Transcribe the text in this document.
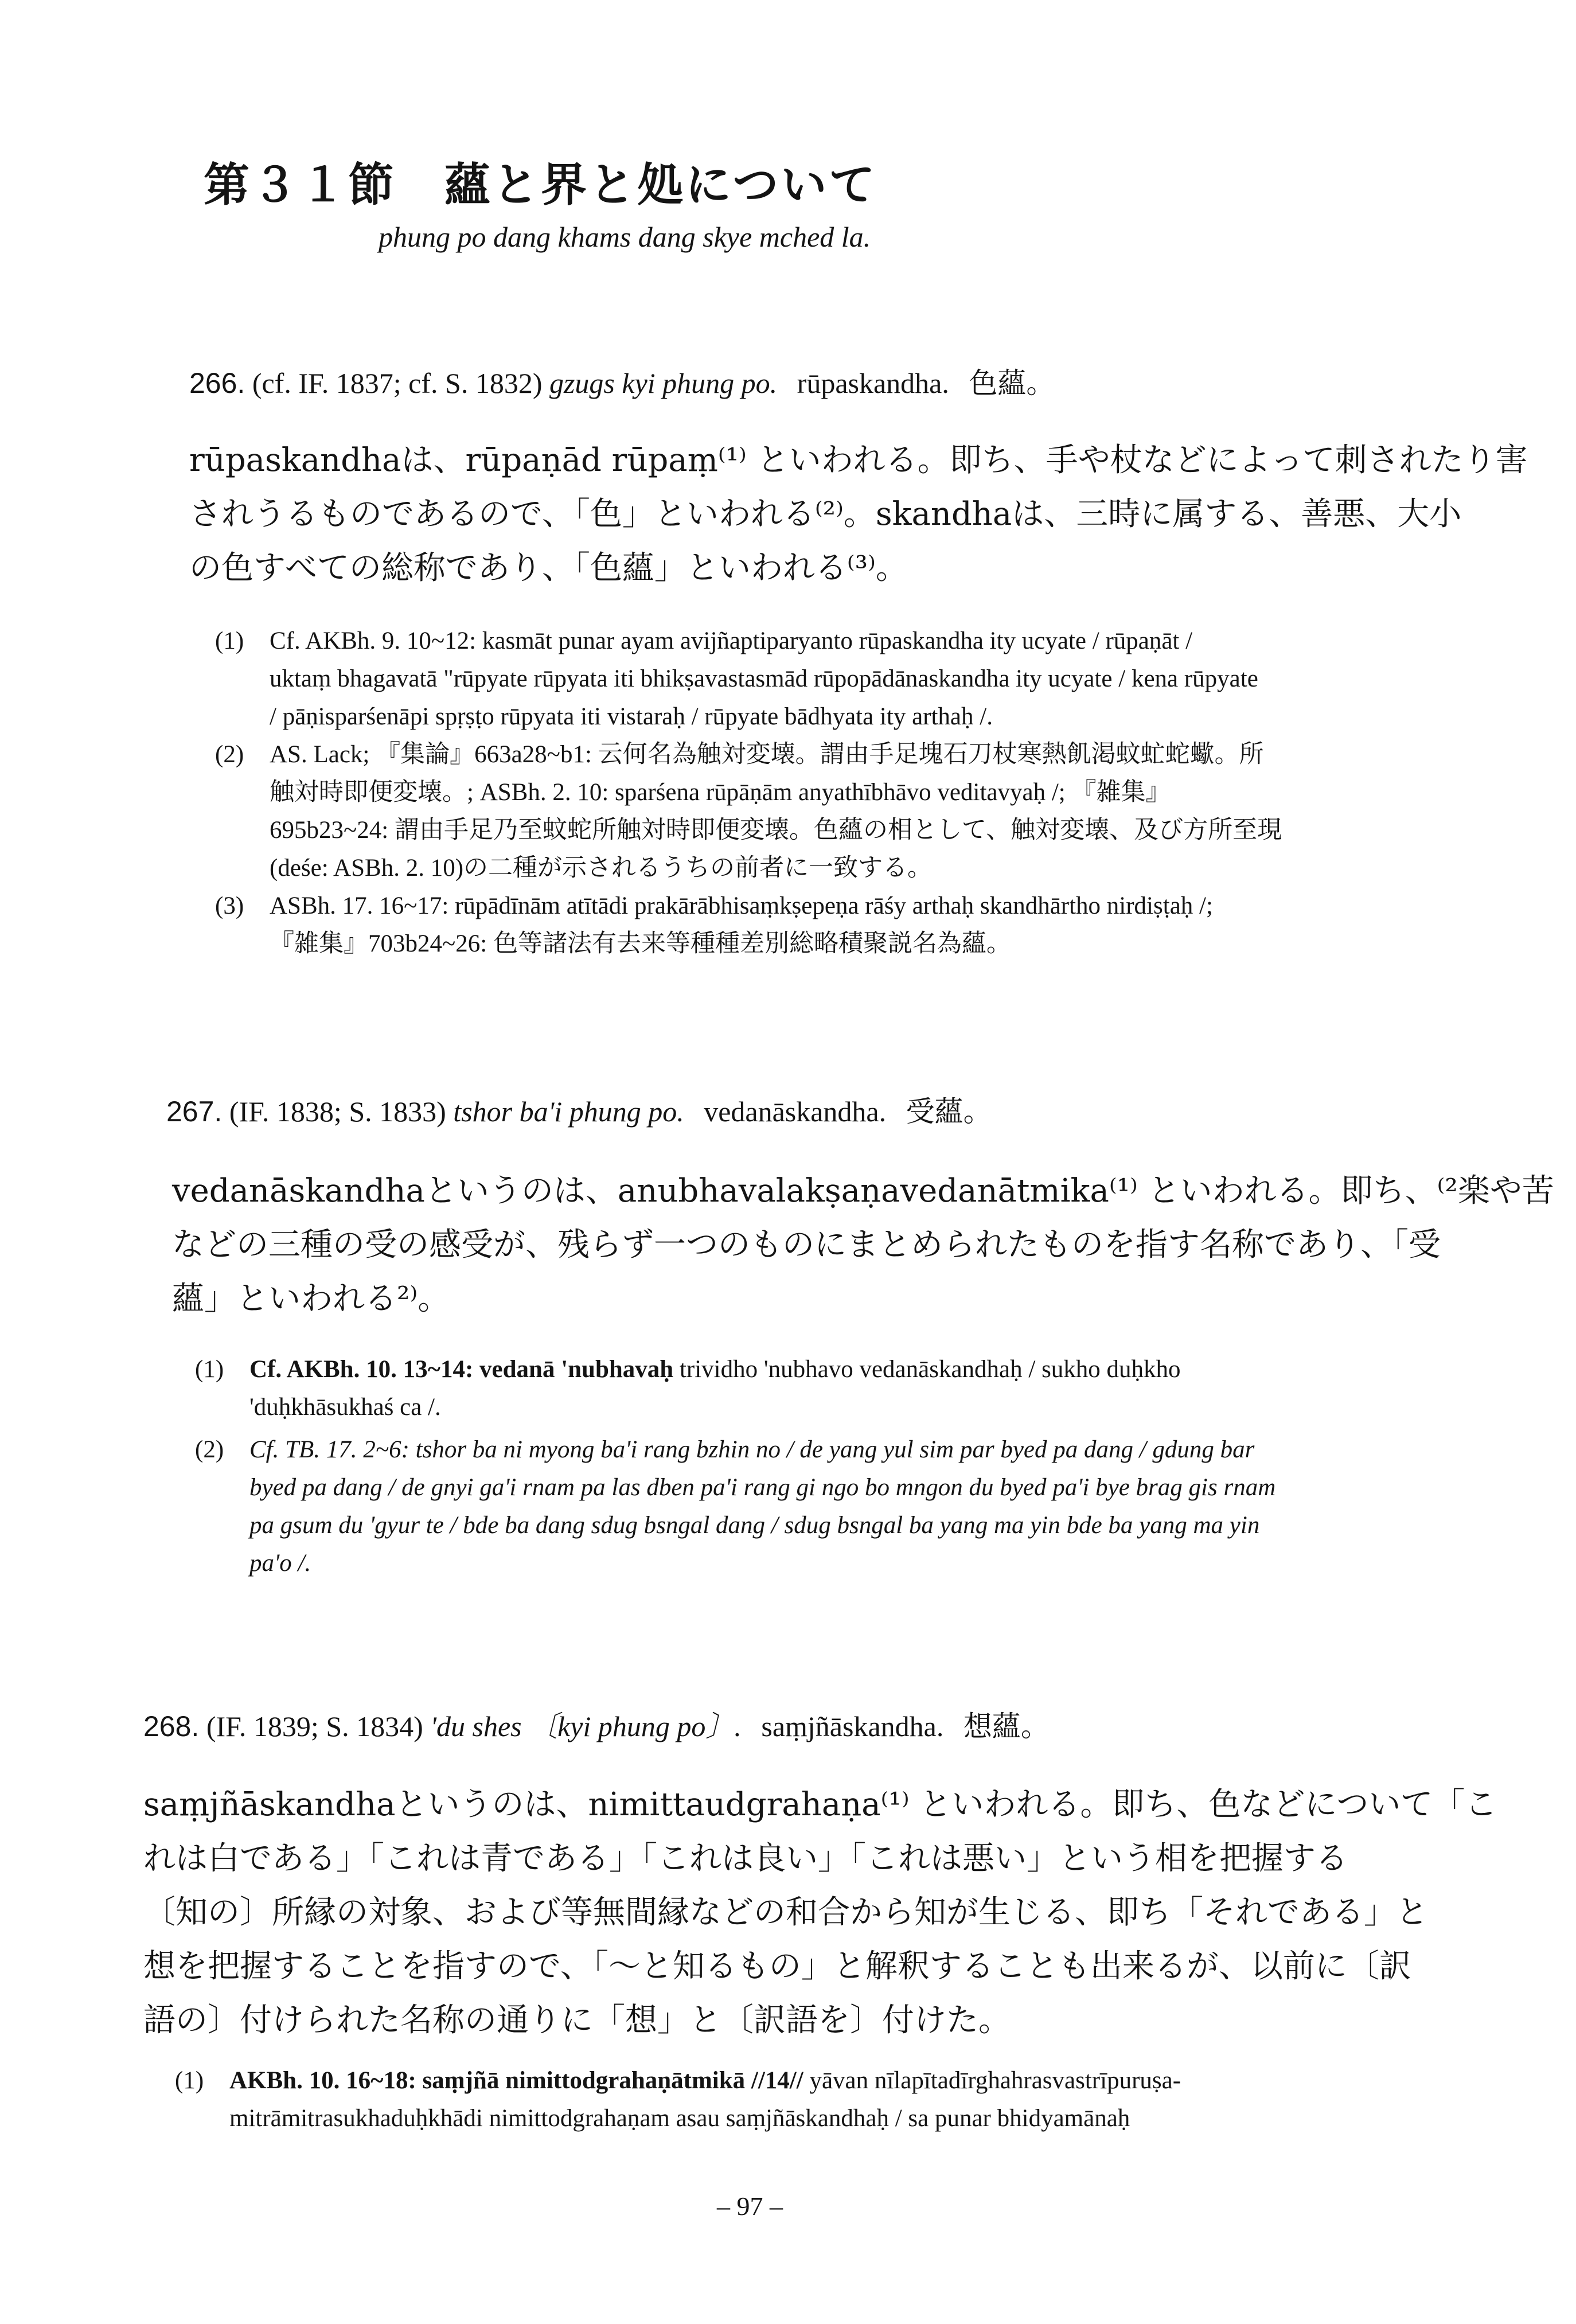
第３１節　蘊と界と処について
phung po dang khams dang skye mched la.
266. (cf. IF. 1837; cf. S. 1832) gzugs kyi phung po. rūpaskandha. 色蘊。
rūpaskandhaは、rūpaṇād rūpaṃ⁽¹⁾ といわれる。即ち、手や杖などによって刺されたり害
されうるものであるので、「色」といわれる⁽²⁾。skandhaは、三時に属する、善悪、大小
の色すべての総称であり、「色蘊」といわれる⁽³⁾。
(1) Cf. AKBh. 9. 10~12: kasmāt punar ayam avijñaptiparyanto rūpaskandha ity ucyate / rūpaṇāt /
uktaṃ bhagavatā "rūpyate rūpyata iti bhikṣavastasmād rūpopādānaskandha ity ucyate / kena rūpyate
/ pāṇisparśenāpi spṛṣṭo rūpyata iti vistaraḥ / rūpyate bādhyata ity arthaḥ /.
(2) AS. Lack; 『集論』663a28~b1: 云何名為触対変壊。謂由手足塊石刀杖寒熱飢渇蚊虻蛇蠍。所
触対時即便変壊。; ASBh. 2. 10: sparśena rūpāṇām anyathībhāvo veditavyaḥ /; 『雑集』
695b23~24: 謂由手足乃至蚊蛇所触対時即便変壊。色蘊の相として、触対変壊、及び方所至現
(deśe: ASBh. 2. 10)の二種が示されるうちの前者に一致する。
(3) ASBh. 17. 16~17: rūpādīnām atītādi prakārābhisaṃkṣepeṇa rāśy arthaḥ skandhārtho nirdiṣṭaḥ /;
『雑集』703b24~26: 色等諸法有去来等種種差別総略積聚説名為蘊。
267. (IF. 1838; S. 1833) tshor ba'i phung po. vedanāskandha. 受蘊。
vedanāskandhaというのは、anubhavalakṣaṇavedanātmika⁽¹⁾ といわれる。即ち、⁽²楽や苦
などの三種の受の感受が、残らず一つのものにまとめられたものを指す名称であり、「受
蘊」といわれる²⁾。
(1) Cf. AKBh. 10. 13~14: vedanā 'nubhavaḥ trividho 'nubhavo vedanāskandhaḥ / sukho duḥkho
'duḥkhāsukhaś ca /.
(2) Cf. TB. 17. 2~6: tshor ba ni myong ba'i rang bzhin no / de yang yul sim par byed pa dang / gdung bar
byed pa dang / de gnyi ga'i rnam pa las dben pa'i rang gi ngo bo mngon du byed pa'i bye brag gis rnam
pa gsum du 'gyur te / bde ba dang sdug bsngal dang / sdug bsngal ba yang ma yin bde ba yang ma yin
pa'o /.
268. (IF. 1839; S. 1834) 'du shes 〔kyi phung po〕. saṃjñāskandha. 想蘊。
saṃjñāskandhaというのは、nimittaudgrahaṇa⁽¹⁾ といわれる。即ち、色などについて「こ
れは白である」「これは青である」「これは良い」「これは悪い」という相を把握する
〔知の〕所縁の対象、および等無間縁などの和合から知が生じる、即ち「それである」と
想を把握することを指すので、「～と知るもの」と解釈することも出来るが、以前に〔訳
語の〕付けられた名称の通りに「想」と〔訳語を〕付けた。
(1) AKBh. 10. 16~18: saṃjñā nimittodgrahaṇātmikā //14// yāvan nīlapītadīrghahrasvastrīpuruṣa-
mitrāmitrasukhaduḥkhādi nimittodgrahaṇam asau saṃjñāskandhaḥ / sa punar bhidyamānaḥ
– 97 –
